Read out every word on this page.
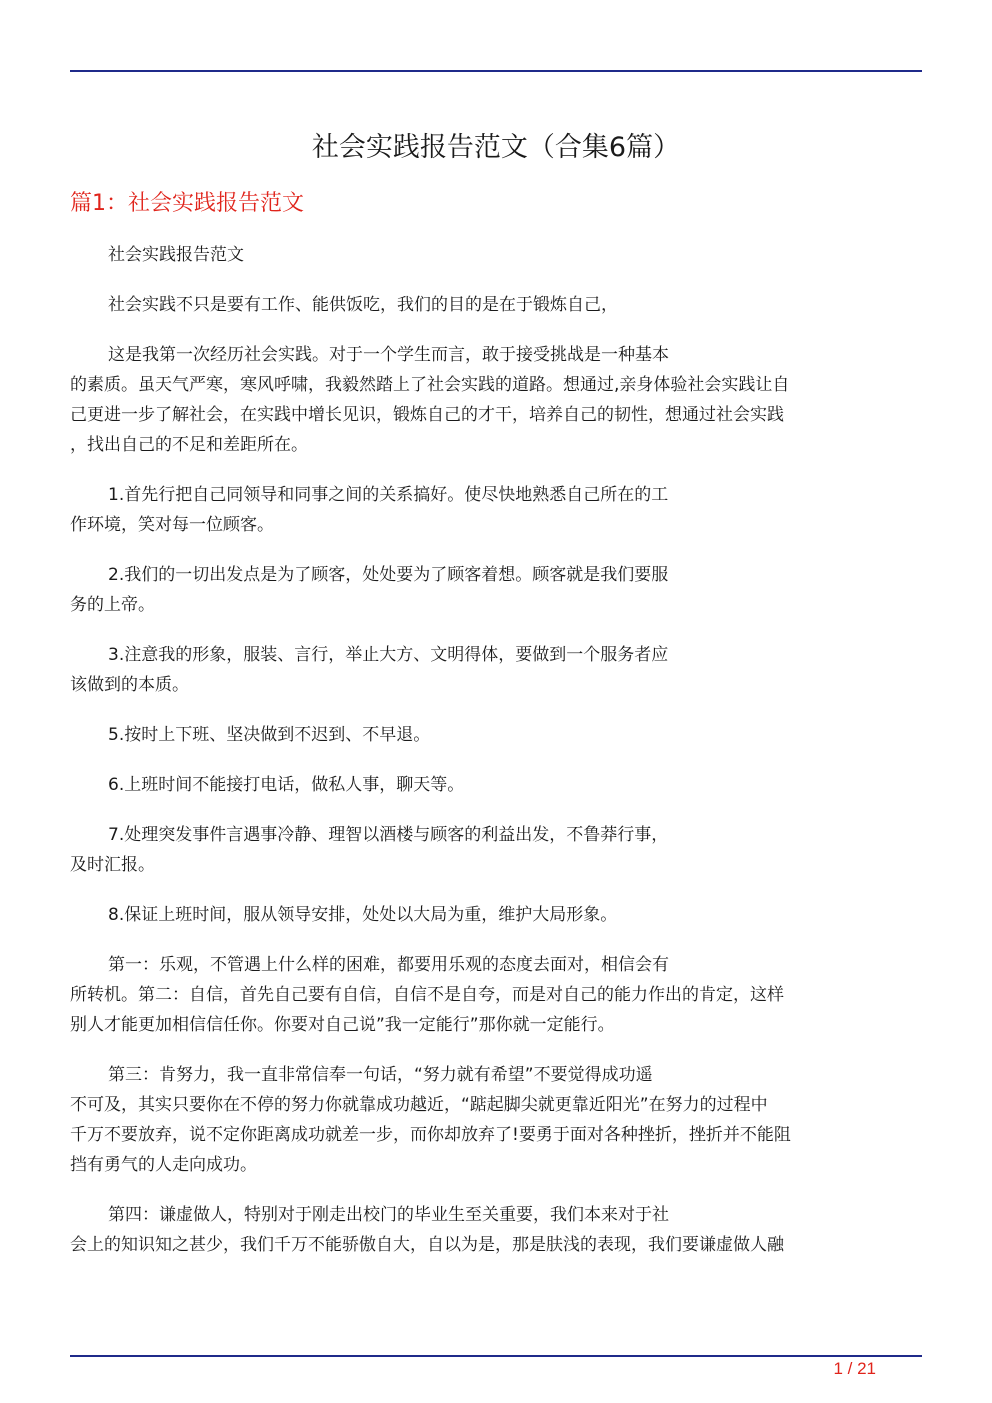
社会实践报告范文（合集6篇）
篇1：社会实践报告范文

社会实践报告范文

社会实践不只是要有工作、能供饭吃，我们的目的是在于锻炼自己，

这是我第一次经历社会实践。对于一个学生而言，敢于接受挑战是一种基本
的素质。虽天气严寒，寒风呼啸，我毅然踏上了社会实践的道路。想通过,亲身体验社会实践让自
己更进一步了解社会，在实践中增长见识，锻炼自己的才干，培养自己的韧性，想通过社会实践
，找出自己的不足和差距所在。

1.首先行把自己同领导和同事之间的关系搞好。使尽快地熟悉自己所在的工
作环境，笑对每一位顾客。

2.我们的一切出发点是为了顾客，处处要为了顾客着想。顾客就是我们要服
务的上帝。

3.注意我的形象，服装、言行，举止大方、文明得体，要做到一个服务者应
该做到的本质。

5.按时上下班、坚决做到不迟到、不早退。

6.上班时间不能接打电话，做私人事，聊天等。

7.处理突发事件言遇事冷静、理智以酒楼与顾客的利益出发，不鲁莽行事，
及时汇报。

8.保证上班时间，服从领导安排，处处以大局为重，维护大局形象。

第一：乐观，不管遇上什么样的困难，都要用乐观的态度去面对，相信会有
所转机。第二：自信，首先自己要有自信，自信不是自夸，而是对自己的能力作出的肯定，这样
别人才能更加相信信任你。你要对自己说”我一定能行”那你就一定能行。

第三：肯努力，我一直非常信奉一句话，“努力就有希望”不要觉得成功遥
不可及，其实只要你在不停的努力你就靠成功越近，“踮起脚尖就更靠近阳光”在努力的过程中
千万不要放弃，说不定你距离成功就差一步，而你却放弃了!要勇于面对各种挫折，挫折并不能阻
挡有勇气的人走向成功。

第四：谦虚做人，特别对于刚走出校门的毕业生至关重要，我们本来对于社
会上的知识知之甚少，我们千万不能骄傲自大，自以为是，那是肤浅的表现，我们要谦虚做人融

1 / 21
